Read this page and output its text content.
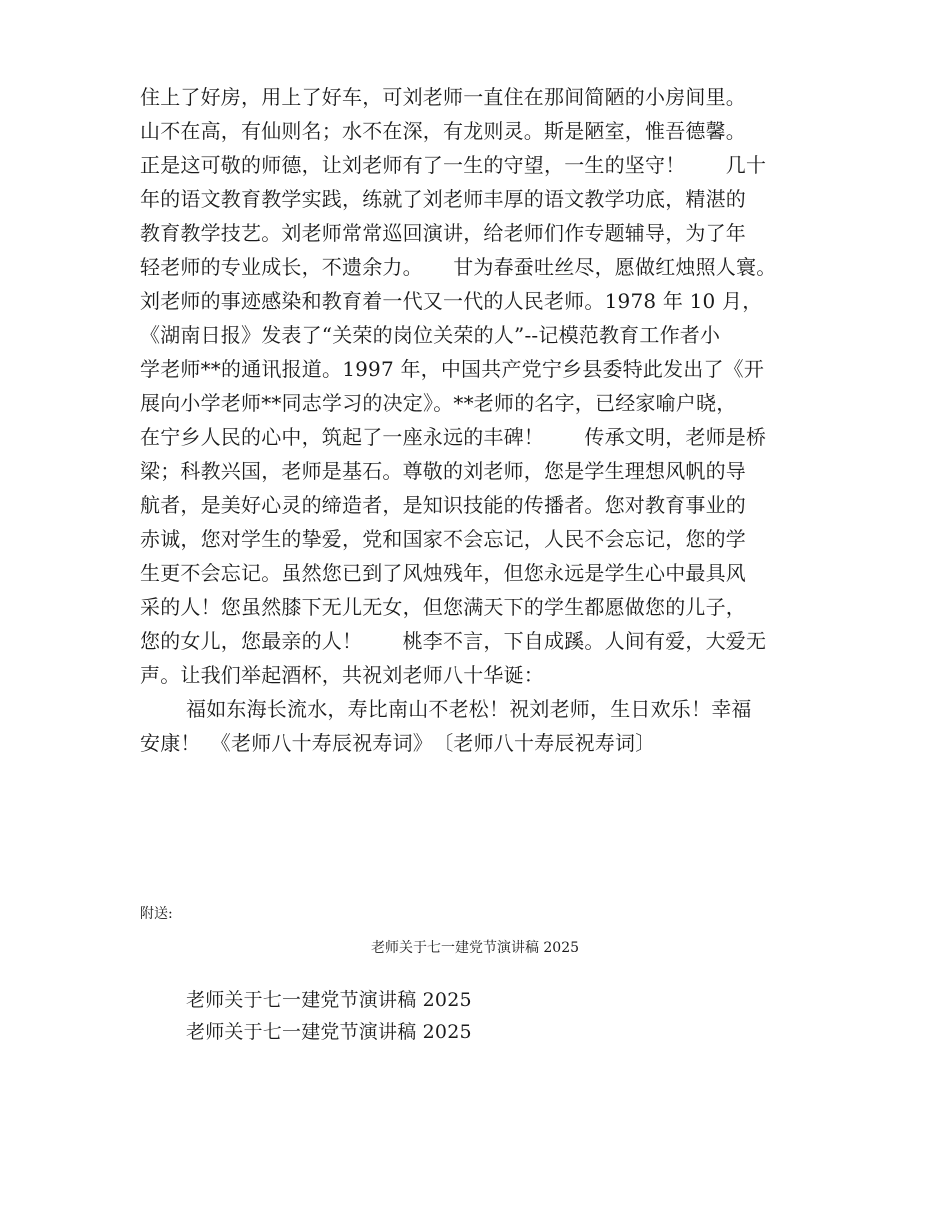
住上了好房，用上了好车，可刘老师一直住在那间简陋的小房间里。
山不在高，有仙则名；水不在深，有龙则灵。斯是陋室，惟吾德馨。
正是这可敬的师德，让刘老师有了一生的守望，一生的坚守！　　几十
年的语文教育教学实践，练就了刘老师丰厚的语文教学功底，精湛的
教育教学技艺。刘老师常常巡回演讲，给老师们作专题辅导，为了年
轻老师的专业成长，不遗余力。　　甘为春蚕吐丝尽，愿做红烛照人寰。
刘老师的事迹感染和教育着一代又一代的人民老师。1978 年 10 月，
《湖南日报》发表了“关荣的岗位关荣的人”--记模范教育工作者小
学老师**的通讯报道。1997 年，中国共产党宁乡县委特此发出了《开
展向小学老师**同志学习的决定》。**老师的名字，已经家喻户晓，
在宁乡人民的心中，筑起了一座永远的丰碑！　　传承文明，老师是桥
梁；科教兴国，老师是基石。尊敬的刘老师，您是学生理想风帆的导
航者，是美好心灵的缔造者，是知识技能的传播者。您对教育事业的
赤诚，您对学生的挚爱，党和国家不会忘记，人民不会忘记，您的学
生更不会忘记。虽然您已到了风烛残年，但您永远是学生心中最具风
采的人！您虽然膝下无儿无女，但您满天下的学生都愿做您的儿子，
您的女儿，您最亲的人！　　桃李不言，下自成蹊。人间有爱，大爱无
声。让我们举起酒杯，共祝刘老师八十华诞：
福如东海长流水，寿比南山不老松！祝刘老师，生日欢乐！幸福
安康！　《老师八十寿辰祝寿词》　〔老师八十寿辰祝寿词〕
附送:
老师关于七一建党节演讲稿 2025
老师关于七一建党节演讲稿 2025
老师关于七一建党节演讲稿 2025
